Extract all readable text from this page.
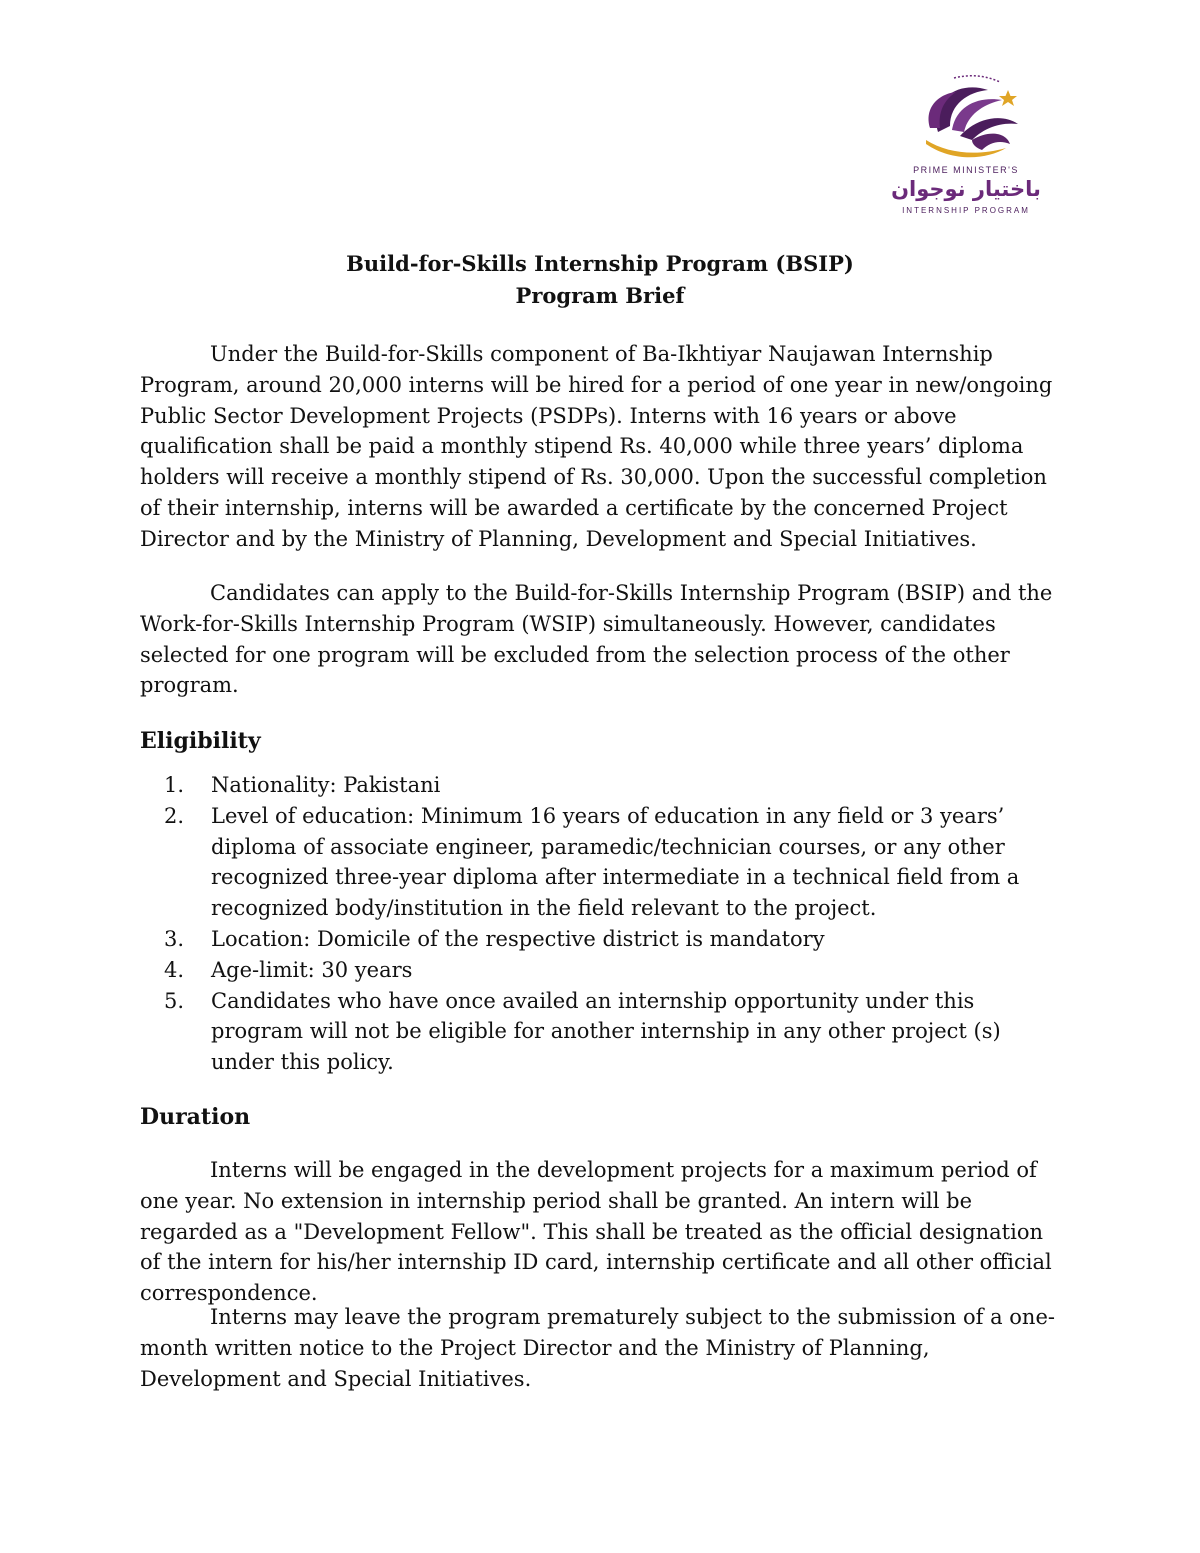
PRIME MINISTER'S
باختیار نوجوان
INTERNSHIP PROGRAM
Build-for-Skills Internship Program (BSIP)
Program Brief

Under the Build-for-Skills component of Ba-Ikhtiyar Naujawan Internship Program, around 20,000 interns will be hired for a period of one year in new/ongoing Public Sector Development Projects (PSDPs). Interns with 16 years or above qualification shall be paid a monthly stipend Rs. 40,000 while three years’ diploma holders will receive a monthly stipend of Rs. 30,000. Upon the successful completion of their internship, interns will be awarded a certificate by the concerned Project Director and by the Ministry of Planning, Development and Special Initiatives.

Candidates can apply to the Build-for-Skills Internship Program (BSIP) and the Work-for-Skills Internship Program (WSIP) simultaneously. However, candidates selected for one program will be excluded from the selection process of the other program.

Eligibility
1. Nationality: Pakistani
2. Level of education: Minimum 16 years of education in any field or 3 years’ diploma of associate engineer, paramedic/technician courses, or any other recognized three-year diploma after intermediate in a technical field from a recognized body/institution in the field relevant to the project.
3. Location: Domicile of the respective district is mandatory
4. Age-limit: 30 years
5. Candidates who have once availed an internship opportunity under this program will not be eligible for another internship in any other project (s) under this policy.
Duration

Interns will be engaged in the development projects for a maximum period of one year. No extension in internship period shall be granted. An intern will be regarded as a "Development Fellow". This shall be treated as the official designation of the intern for his/her internship ID card, internship certificate and all other official correspondence.

Interns may leave the program prematurely subject to the submission of a one-month written notice to the Project Director and the Ministry of Planning, Development and Special Initiatives.
